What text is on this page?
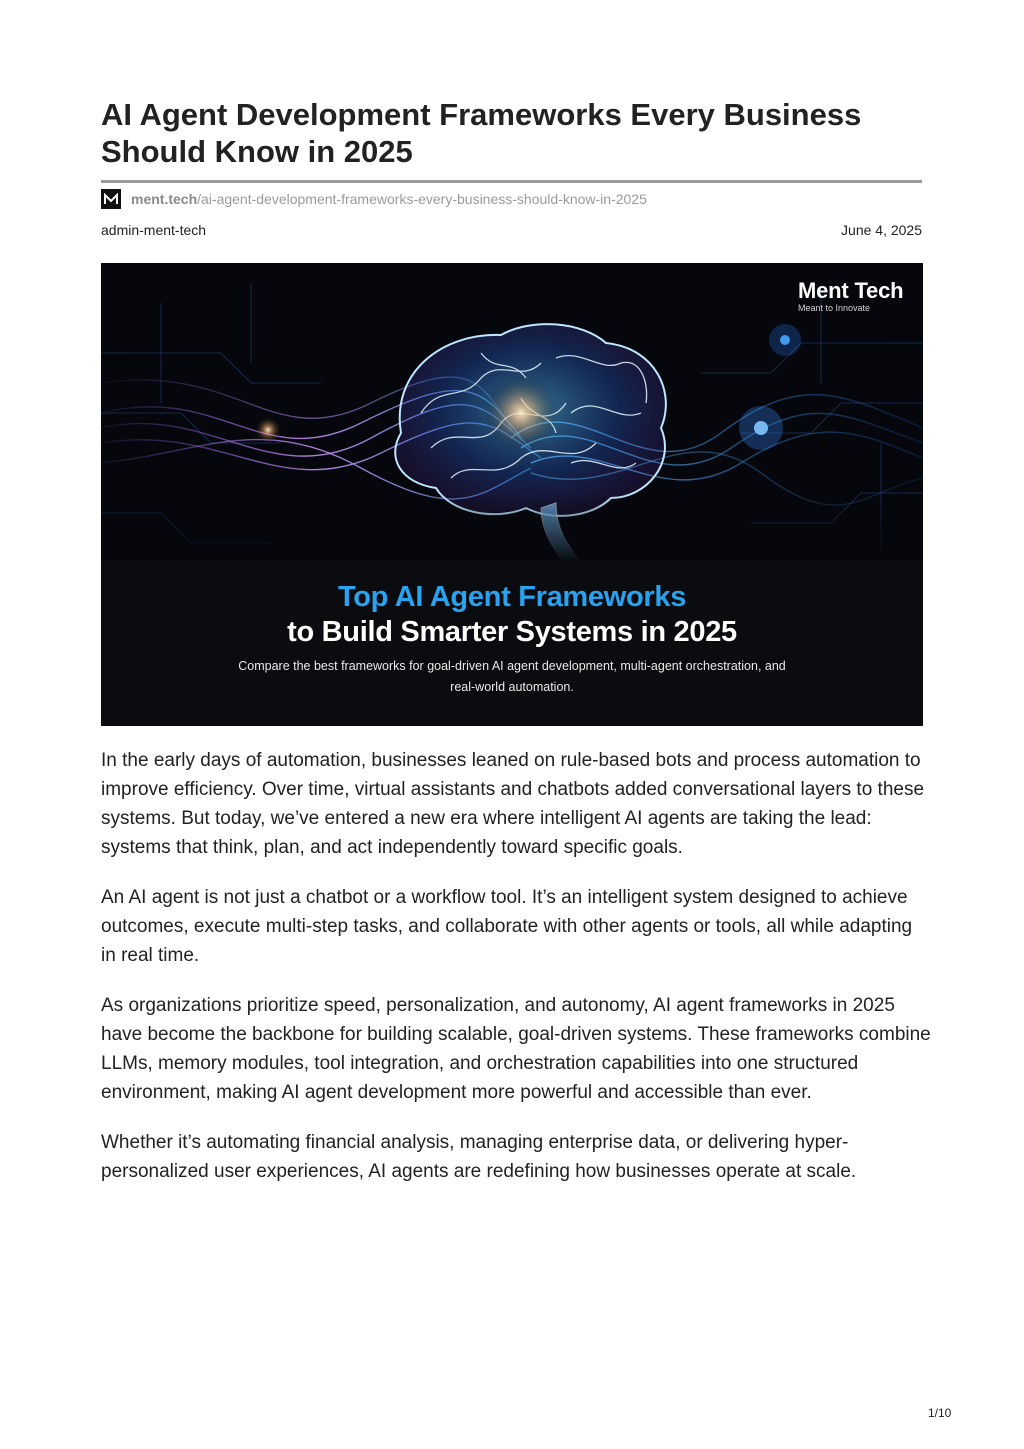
AI Agent Development Frameworks Every Business Should Know in 2025
ment.tech /ai-agent-development-frameworks-every-business-should-know-in-2025
admin-ment-tech	June 4, 2025
Ment Tech
Meant to Innovate
Top AI Agent Frameworks
to Build Smarter Systems in 2025
Compare the best frameworks for goal-driven AI agent development, multi-agent orchestration, and real-world automation.

In the early days of automation, businesses leaned on rule-based bots and process automation to improve efficiency. Over time, virtual assistants and chatbots added conversational layers to these systems. But today, we’ve entered a new era where intelligent AI agents are taking the lead: systems that think, plan, and act independently toward specific goals.

An AI agent is not just a chatbot or a workflow tool. It’s an intelligent system designed to achieve outcomes, execute multi-step tasks, and collaborate with other agents or tools, all while adapting in real time.

As organizations prioritize speed, personalization, and autonomy, AI agent frameworks in 2025 have become the backbone for building scalable, goal-driven systems. These frameworks combine LLMs, memory modules, tool integration, and orchestration capabilities into one structured environment, making AI agent development more powerful and accessible than ever.

Whether it’s automating financial analysis, managing enterprise data, or delivering hyper-personalized user experiences, AI agents are redefining how businesses operate at scale.

1/10
